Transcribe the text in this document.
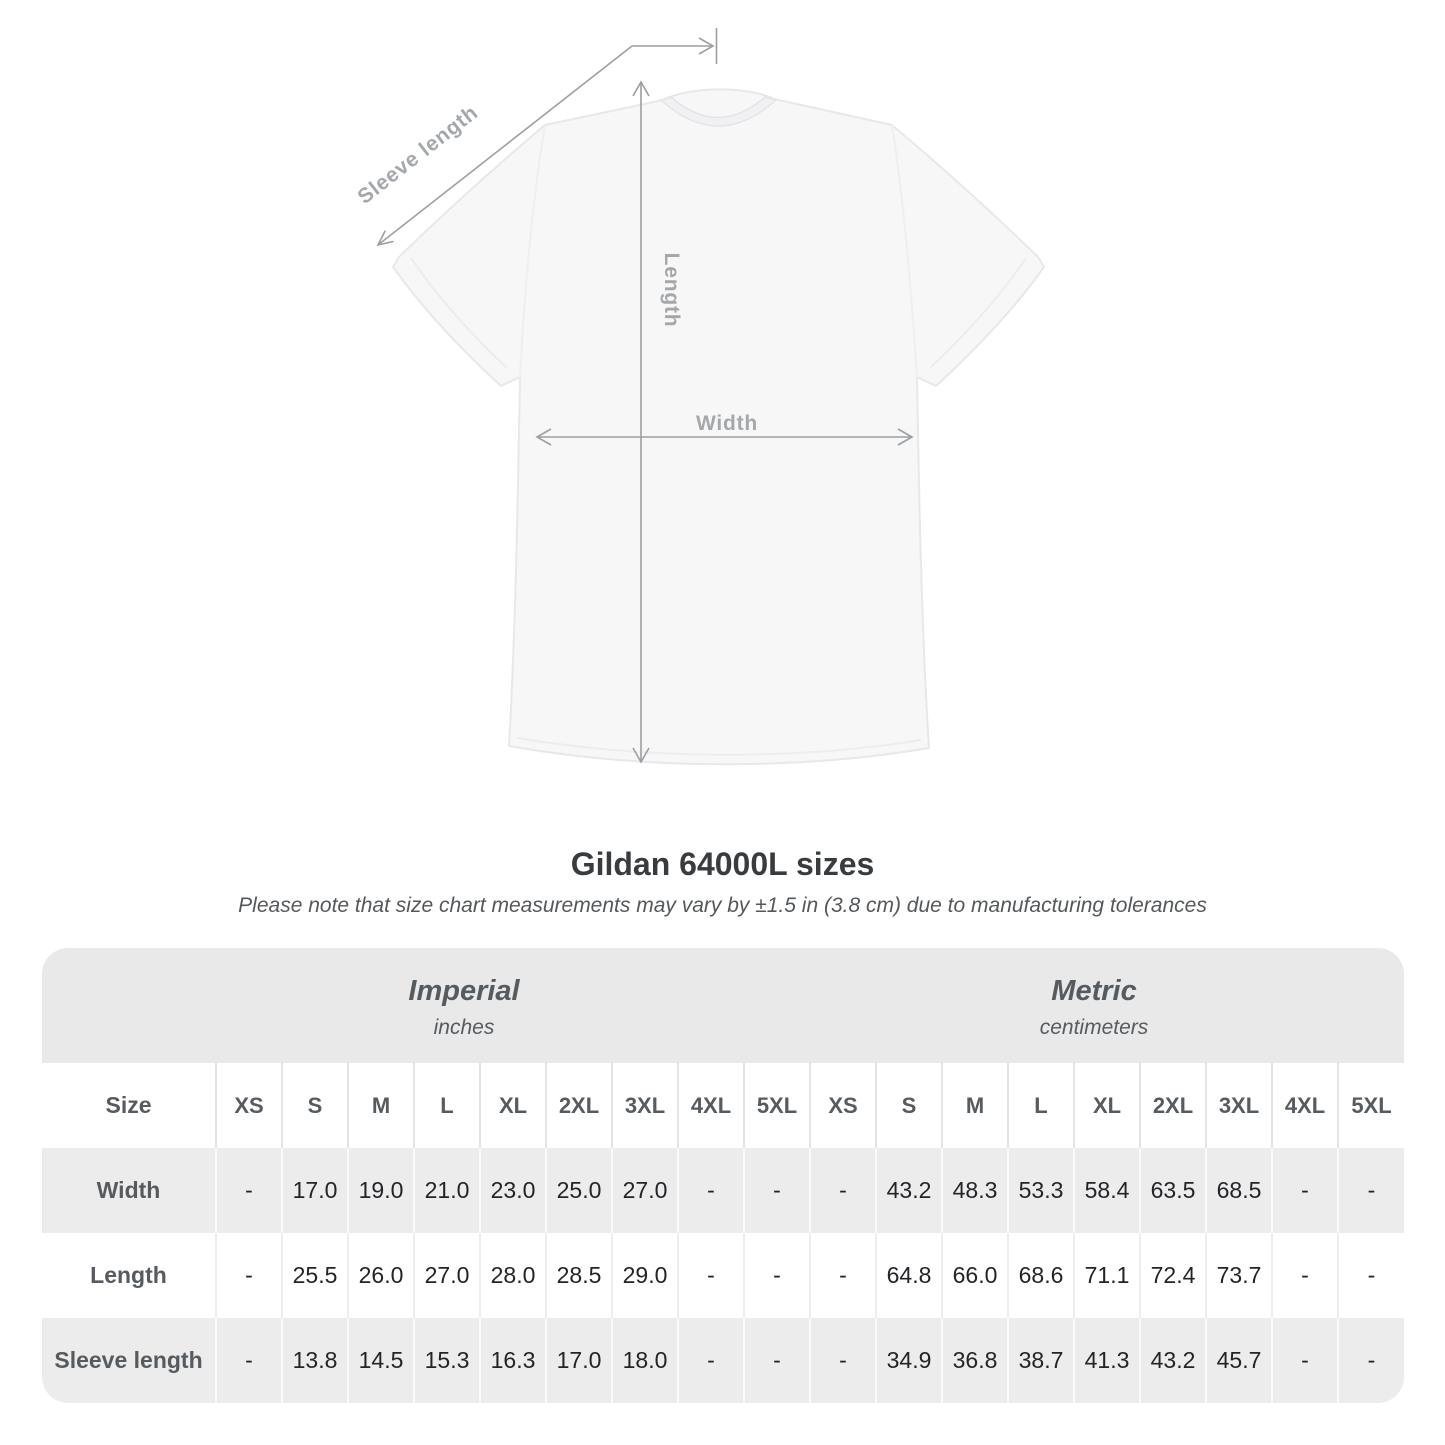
Sleeve length
Length
Width
Gildan 64000L sizes
Please note that size chart measurements may vary by ±1.5 in (3.8 cm) due to manufacturing tolerances
Imperial
inches

Metric
centimeters

Size	XS	S	M	L	XL	2XL	3XL	4XL	5XL	XS	S	M	L	XL	2XL	3XL	4XL	5XL
Width	-	17.0	19.0	21.0	23.0	25.0	27.0	-	-	-	43.2	48.3	53.3	58.4	63.5	68.5	-	-
Length	-	25.5	26.0	27.0	28.0	28.5	29.0	-	-	-	64.8	66.0	68.6	71.1	72.4	73.7	-	-
Sleeve length	-	13.8	14.5	15.3	16.3	17.0	18.0	-	-	-	34.9	36.8	38.7	41.3	43.2	45.7	-	-
